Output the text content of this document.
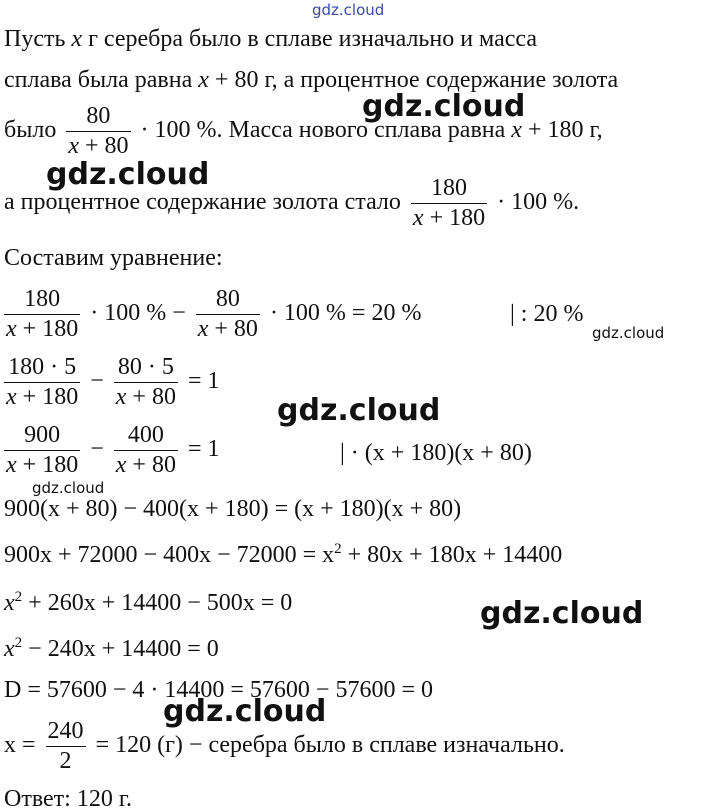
gdz.cloud
gdz.cloud
gdz.cloud
gdz.cloud
gdz.cloud
gdz.cloud
gdz.cloud
gdz.cloud
Пусть x г серебра было в сплаве изначально и масса
сплава была равна x + 80 г, а процентное содержание золота
было $\frac{80}{x + 80} \cdot 100$ %. Масса нового сплава равна x + 180 г,
а процентное содержание золота стало $\frac{180}{x + 180} \cdot 100$ %.
Составим уравнение:
$\frac{180}{x + 180} \cdot 100$ % − $\frac{80}{x + 80} \cdot 100$ % = 20 %	| : 20 %
$\frac{180 \cdot 5}{x + 180} - \frac{80 \cdot 5}{x + 80} = 1$
$\frac{900}{x + 180} - \frac{400}{x + 80} = 1$	| · (x + 180)(x + 80)
900(x + 80) − 400(x + 180) = (x + 180)(x + 80)
$900x + 72000 - 400x - 72000 = x^2 + 80x + 180x + 14400$
$x^2 + 260x + 14400 - 500x = 0$
$x^2 - 240x + 14400 = 0$
D = 57600 − 4 · 14400 = 57600 − 57600 = 0
$x = \frac{240}{2} = 120$ (г) − серебра было в сплаве изначально.
Ответ: 120 г.
